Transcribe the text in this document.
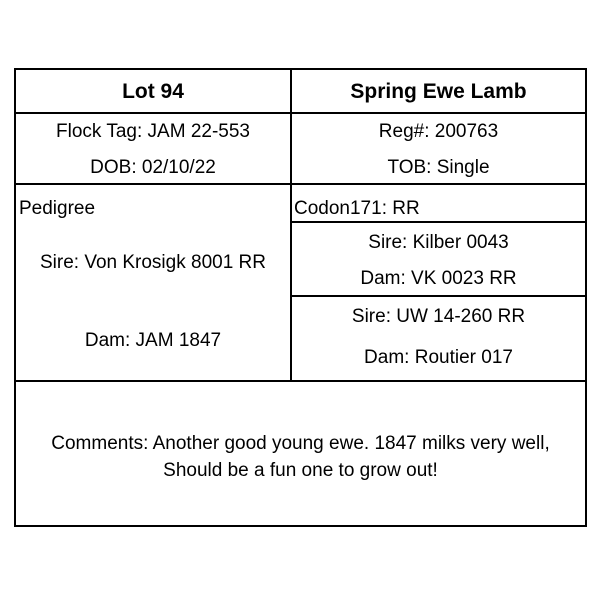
Lot 94	Spring Ewe Lamb
Flock Tag: JAM 22-553
DOB: 02/10/22
Reg#: 200763
TOB: Single
Pedigree
Sire: Von Krosigk 8001 RR
Dam: JAM 1847
Codon171: RR
Sire: Kilber 0043
Dam: VK 0023 RR
Sire: UW 14-260 RR
Dam: Routier 017
Comments: Another good young ewe. 1847 milks very well,
Should be a fun one to grow out!
